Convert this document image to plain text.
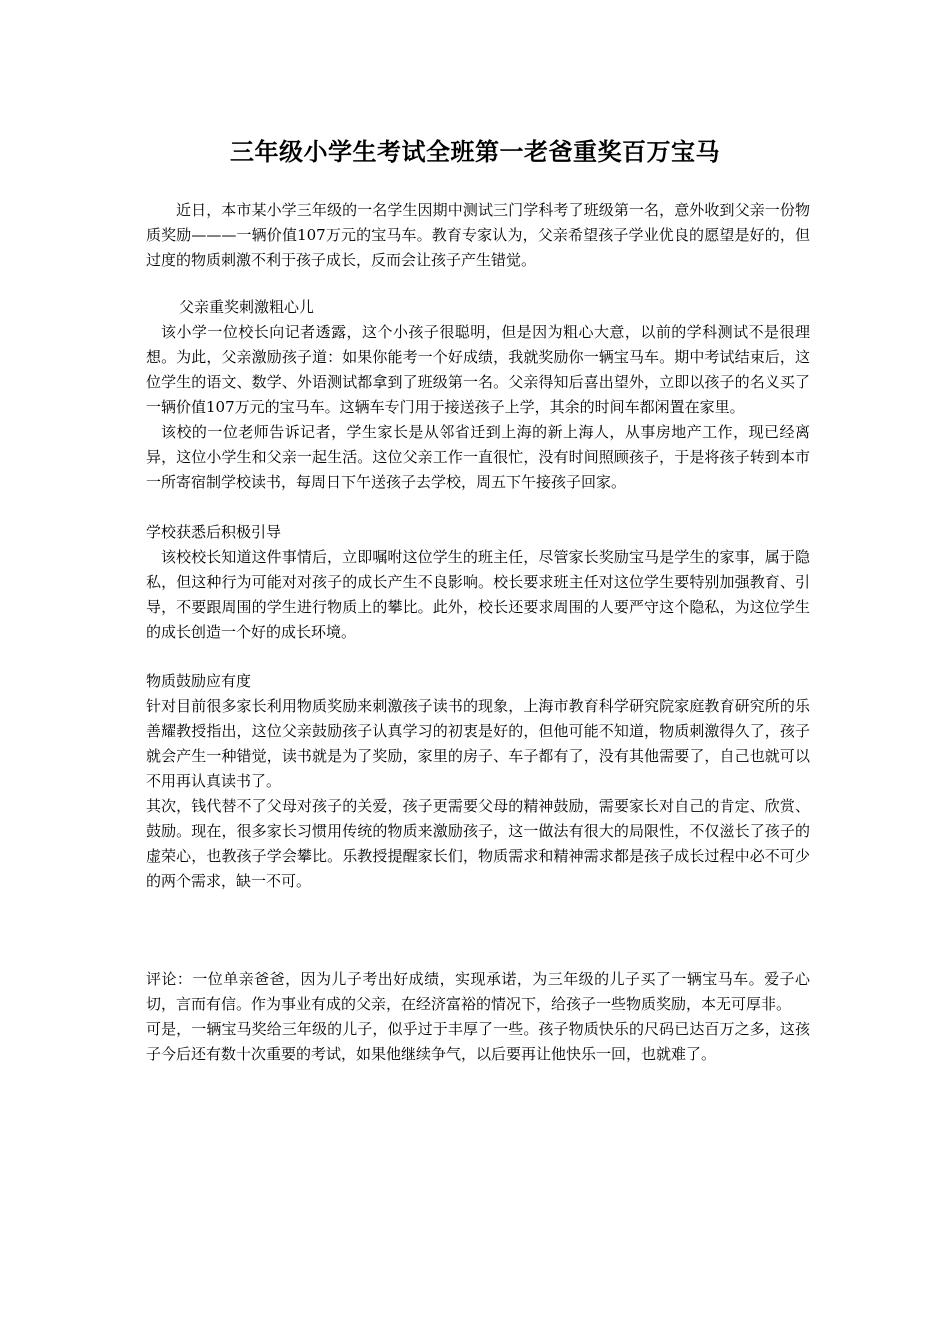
三年级小学生考试全班第一老爸重奖百万宝马

近日，本市某小学三年级的一名学生因期中测试三门学科考了班级第一名，意外收到父亲一份物质奖励———一辆价值107万元的宝马车。教育专家认为，父亲希望孩子学业优良的愿望是好的，但过度的物质刺激不利于孩子成长，反而会让孩子产生错觉。

父亲重奖刺激粗心儿

该小学一位校长向记者透露，这个小孩子很聪明，但是因为粗心大意，以前的学科测试不是很理想。为此，父亲激励孩子道：如果你能考一个好成绩，我就奖励你一辆宝马车。期中考试结束后，这位学生的语文、数学、外语测试都拿到了班级第一名。父亲得知后喜出望外，立即以孩子的名义买了一辆价值107万元的宝马车。这辆车专门用于接送孩子上学，其余的时间车都闲置在家里。

该校的一位老师告诉记者，学生家长是从邻省迁到上海的新上海人，从事房地产工作，现已经离异，这位小学生和父亲一起生活。这位父亲工作一直很忙，没有时间照顾孩子，于是将孩子转到本市一所寄宿制学校读书，每周日下午送孩子去学校，周五下午接孩子回家。

学校获悉后积极引导

该校校长知道这件事情后，立即嘱咐这位学生的班主任，尽管家长奖励宝马是学生的家事，属于隐私，但这种行为可能对对孩子的成长产生不良影响。校长要求班主任对这位学生要特别加强教育、引导，不要跟周围的学生进行物质上的攀比。此外，校长还要求周围的人要严守这个隐私，为这位学生的成长创造一个好的成长环境。

物质鼓励应有度

针对目前很多家长利用物质奖励来刺激孩子读书的现象，上海市教育科学研究院家庭教育研究所的乐善耀教授指出，这位父亲鼓励孩子认真学习的初衷是好的，但他可能不知道，物质刺激得久了，孩子就会产生一种错觉，读书就是为了奖励，家里的房子、车子都有了，没有其他需要了，自己也就可以不用再认真读书了。

其次，钱代替不了父母对孩子的关爱，孩子更需要父母的精神鼓励，需要家长对自己的肯定、欣赏、鼓励。现在，很多家长习惯用传统的物质来激励孩子，这一做法有很大的局限性，不仅滋长了孩子的虚荣心，也教孩子学会攀比。乐教授提醒家长们，物质需求和精神需求都是孩子成长过程中必不可少的两个需求，缺一不可。

评论：一位单亲爸爸，因为儿子考出好成绩，实现承诺，为三年级的儿子买了一辆宝马车。爱子心切，言而有信。作为事业有成的父亲，在经济富裕的情况下，给孩子一些物质奖励，本无可厚非。

可是，一辆宝马奖给三年级的儿子，似乎过于丰厚了一些。孩子物质快乐的尺码已达百万之多，这孩子今后还有数十次重要的考试，如果他继续争气，以后要再让他快乐一回，也就难了。
